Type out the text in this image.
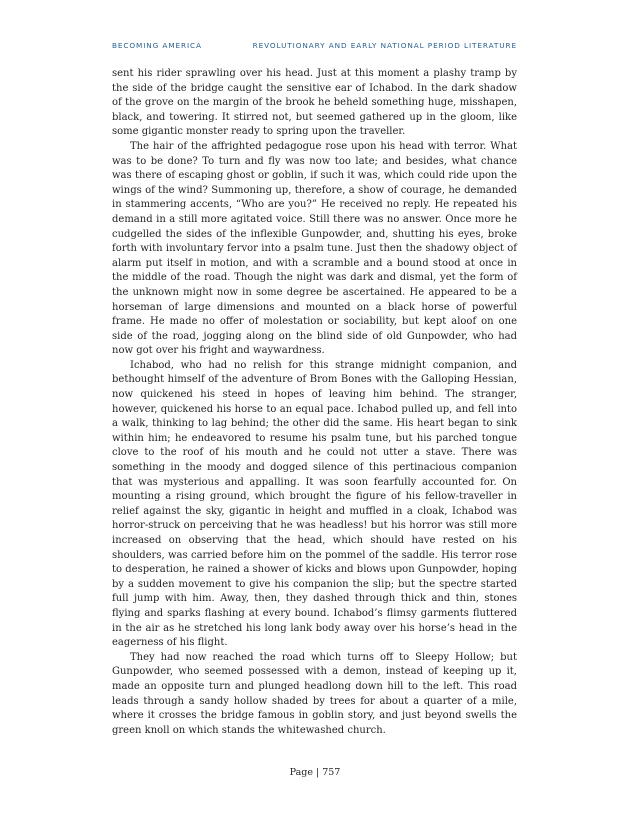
BECOMING AMERICA	REVOLUTIONARY AND EARLY NATIONAL PERIOD LITERATURE

sent his rider sprawling over his head. Just at this moment a plashy tramp by the side of the bridge caught the sensitive ear of Ichabod. In the dark shadow of the grove on the margin of the brook he beheld something huge, misshapen, black, and towering. It stirred not, but seemed gathered up in the gloom, like some gigantic monster ready to spring upon the traveller.

The hair of the affrighted pedagogue rose upon his head with terror. What was to be done? To turn and fly was now too late; and besides, what chance was there of escaping ghost or goblin, if such it was, which could ride upon the wings of the wind? Summoning up, therefore, a show of courage, he demanded in stammering accents, “Who are you?” He received no reply. He repeated his demand in a still more agitated voice. Still there was no answer. Once more he cudgelled the sides of the inflexible Gunpowder, and, shutting his eyes, broke forth with involuntary fervor into a psalm tune. Just then the shadowy object of alarm put itself in motion, and with a scramble and a bound stood at once in the middle of the road. Though the night was dark and dismal, yet the form of the unknown might now in some degree be ascertained. He appeared to be a horseman of large dimensions and mounted on a black horse of powerful frame. He made no offer of molestation or sociability, but kept aloof on one side of the road, jogging along on the blind side of old Gunpowder, who had now got over his fright and waywardness.

Ichabod, who had no relish for this strange midnight companion, and bethought himself of the adventure of Brom Bones with the Galloping Hessian, now quickened his steed in hopes of leaving him behind. The stranger, however, quickened his horse to an equal pace. Ichabod pulled up, and fell into a walk, thinking to lag behind; the other did the same. His heart began to sink within him; he endeavored to resume his psalm tune, but his parched tongue clove to the roof of his mouth and he could not utter a stave. There was something in the moody and dogged silence of this pertinacious companion that was mysterious and appalling. It was soon fearfully accounted for. On mounting a rising ground, which brought the figure of his fellow-traveller in relief against the sky, gigantic in height and muffled in a cloak, Ichabod was horror-struck on perceiving that he was headless! but his horror was still more increased on observing that the head, which should have rested on his shoulders, was carried before him on the pommel of the saddle. His terror rose to desperation, he rained a shower of kicks and blows upon Gunpowder, hoping by a sudden movement to give his companion the slip; but the spectre started full jump with him. Away, then, they dashed through thick and thin, stones flying and sparks flashing at every bound. Ichabod’s flimsy garments fluttered in the air as he stretched his long lank body away over his horse’s head in the eagerness of his flight.

They had now reached the road which turns off to Sleepy Hollow; but Gunpowder, who seemed possessed with a demon, instead of keeping up it, made an opposite turn and plunged headlong down hill to the left. This road leads through a sandy hollow shaded by trees for about a quarter of a mile, where it crosses the bridge famous in goblin story, and just beyond swells the green knoll on which stands the whitewashed church.

Page | 757
